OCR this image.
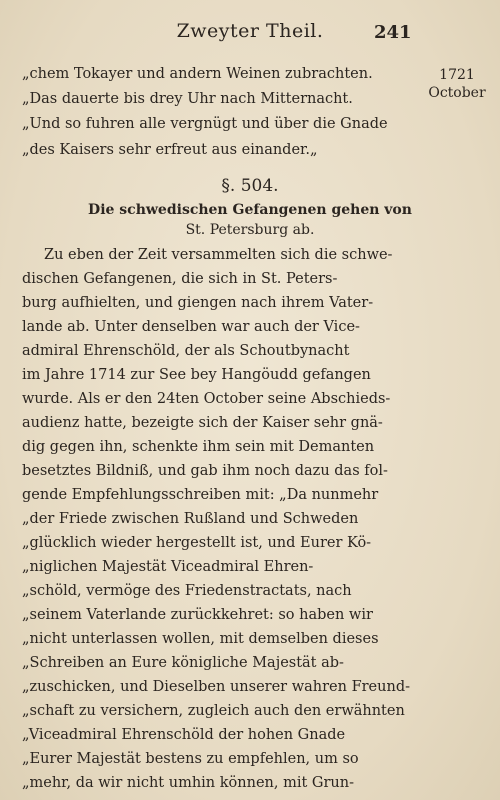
Zweyter Theil.	241
1721
October
„chem Tokayer und andern Weinen zubrachten.
„Das dauerte bis drey Uhr nach Mitternacht.
„Und so fuhren alle vergnügt und über die Gnade
„des Kaisers sehr erfreut aus einander.„
§. 504.
Die schwedischen Gefangenen gehen von
St. Petersburg ab.
Zu eben der Zeit versammelten sich die schwe-
dischen Gefangenen, die sich in St. Peters-
burg aufhielten, und giengen nach ihrem Vater-
lande ab. Unter denselben war auch der Vice-
admiral Ehrenschöld, der als Schoutbynacht
im Jahre 1714 zur See bey Hangöudd gefangen
wurde. Als er den 24ten October seine Abschieds-
audienz hatte, bezeigte sich der Kaiser sehr gnä-
dig gegen ihn, schenkte ihm sein mit Demanten
besetztes Bildniß, und gab ihm noch dazu das fol-
gende Empfehlungsschreiben mit: „Da nunmehr
„der Friede zwischen Rußland und Schweden
„glücklich wieder hergestellt ist, und Eurer Kö-
„niglichen Majestät Viceadmiral Ehren-
„schöld, vermöge des Friedenstractats, nach
„seinem Vaterlande zurückkehret: so haben wir
„nicht unterlassen wollen, mit demselben dieses
„Schreiben an Eure königliche Majestät ab-
„zuschicken, und Dieselben unserer wahren Freund-
„schaft zu versichern, zugleich auch den erwähnten
„Viceadmiral Ehrenschöld der hohen Gnade
„Eurer Majestät bestens zu empfehlen, um so
„mehr, da wir nicht umhin können, mit Grun-
